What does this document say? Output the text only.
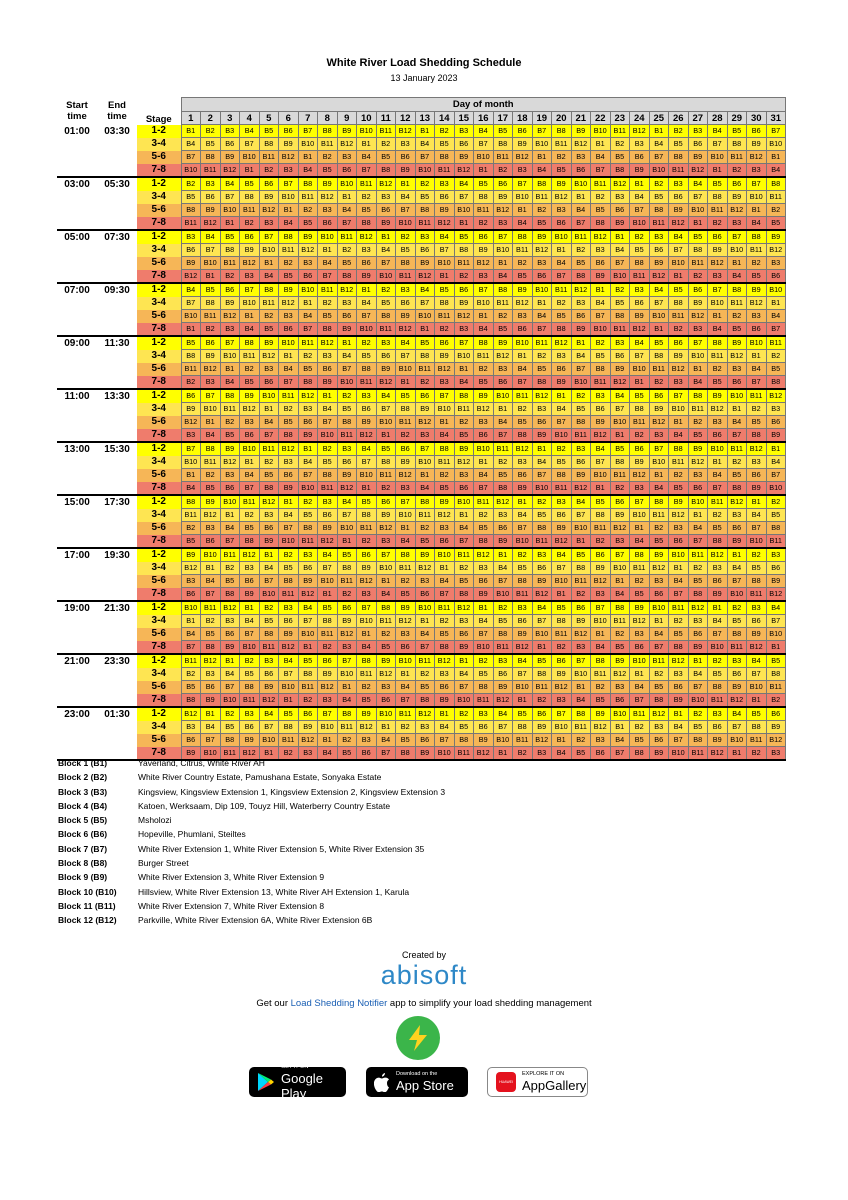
White River Load Shedding Schedule
13 January 2023
Start
time	End
time	Stage	Day of month																														
			1	2	3	4	5	6	7	8	9	10	11	12	13	14	15	16	17	18	19	20	21	22	23	24	25	26	27	28	29	30	31
01:00	03:30	1-2	B1	B2	B3	B4	B5	B6	B7	B8	B9	B10	B11	B12	B1	B2	B3	B4	B5	B6	B7	B8	B9	B10	B11	B12	B1	B2	B3	B4	B5	B6	B7
		3-4	B4	B5	B6	B7	B8	B9	B10	B11	B12	B1	B2	B3	B4	B5	B6	B7	B8	B9	B10	B11	B12	B1	B2	B3	B4	B5	B6	B7	B8	B9	B10
		5-6	B7	B8	B9	B10	B11	B12	B1	B2	B3	B4	B5	B6	B7	B8	B9	B10	B11	B12	B1	B2	B3	B4	B5	B6	B7	B8	B9	B10	B11	B12	B1
		7-8	B10	B11	B12	B1	B2	B3	B4	B5	B6	B7	B8	B9	B10	B11	B12	B1	B2	B3	B4	B5	B6	B7	B8	B9	B10	B11	B12	B1	B2	B3	B4
03:00	05:30	1-2	B2	B3	B4	B5	B6	B7	B8	B9	B10	B11	B12	B1	B2	B3	B4	B5	B6	B7	B8	B9	B10	B11	B12	B1	B2	B3	B4	B5	B6	B7	B8
		3-4	B5	B6	B7	B8	B9	B10	B11	B12	B1	B2	B3	B4	B5	B6	B7	B8	B9	B10	B11	B12	B1	B2	B3	B4	B5	B6	B7	B8	B9	B10	B11
		5-6	B8	B9	B10	B11	B12	B1	B2	B3	B4	B5	B6	B7	B8	B9	B10	B11	B12	B1	B2	B3	B4	B5	B6	B7	B8	B9	B10	B11	B12	B1	B2
		7-8	B11	B12	B1	B2	B3	B4	B5	B6	B7	B8	B9	B10	B11	B12	B1	B2	B3	B4	B5	B6	B7	B8	B9	B10	B11	B12	B1	B2	B3	B4	B5
05:00	07:30	1-2	B3	B4	B5	B6	B7	B8	B9	B10	B11	B12	B1	B2	B3	B4	B5	B6	B7	B8	B9	B10	B11	B12	B1	B2	B3	B4	B5	B6	B7	B8	B9
		3-4	B6	B7	B8	B9	B10	B11	B12	B1	B2	B3	B4	B5	B6	B7	B8	B9	B10	B11	B12	B1	B2	B3	B4	B5	B6	B7	B8	B9	B10	B11	B12
		5-6	B9	B10	B11	B12	B1	B2	B3	B4	B5	B6	B7	B8	B9	B10	B11	B12	B1	B2	B3	B4	B5	B6	B7	B8	B9	B10	B11	B12	B1	B2	B3
		7-8	B12	B1	B2	B3	B4	B5	B6	B7	B8	B9	B10	B11	B12	B1	B2	B3	B4	B5	B6	B7	B8	B9	B10	B11	B12	B1	B2	B3	B4	B5	B6
07:00	09:30	1-2	B4	B5	B6	B7	B8	B9	B10	B11	B12	B1	B2	B3	B4	B5	B6	B7	B8	B9	B10	B11	B12	B1	B2	B3	B4	B5	B6	B7	B8	B9	B10
		3-4	B7	B8	B9	B10	B11	B12	B1	B2	B3	B4	B5	B6	B7	B8	B9	B10	B11	B12	B1	B2	B3	B4	B5	B6	B7	B8	B9	B10	B11	B12	B1
		5-6	B10	B11	B12	B1	B2	B3	B4	B5	B6	B7	B8	B9	B10	B11	B12	B1	B2	B3	B4	B5	B6	B7	B8	B9	B10	B11	B12	B1	B2	B3	B4
		7-8	B1	B2	B3	B4	B5	B6	B7	B8	B9	B10	B11	B12	B1	B2	B3	B4	B5	B6	B7	B8	B9	B10	B11	B12	B1	B2	B3	B4	B5	B6	B7
09:00	11:30	1-2	B5	B6	B7	B8	B9	B10	B11	B12	B1	B2	B3	B4	B5	B6	B7	B8	B9	B10	B11	B12	B1	B2	B3	B4	B5	B6	B7	B8	B9	B10	B11
		3-4	B8	B9	B10	B11	B12	B1	B2	B3	B4	B5	B6	B7	B8	B9	B10	B11	B12	B1	B2	B3	B4	B5	B6	B7	B8	B9	B10	B11	B12	B1	B2
		5-6	B11	B12	B1	B2	B3	B4	B5	B6	B7	B8	B9	B10	B11	B12	B1	B2	B3	B4	B5	B6	B7	B8	B9	B10	B11	B12	B1	B2	B3	B4	B5
		7-8	B2	B3	B4	B5	B6	B7	B8	B9	B10	B11	B12	B1	B2	B3	B4	B5	B6	B7	B8	B9	B10	B11	B12	B1	B2	B3	B4	B5	B6	B7	B8
11:00	13:30	1-2	B6	B7	B8	B9	B10	B11	B12	B1	B2	B3	B4	B5	B6	B7	B8	B9	B10	B11	B12	B1	B2	B3	B4	B5	B6	B7	B8	B9	B10	B11	B12
		3-4	B9	B10	B11	B12	B1	B2	B3	B4	B5	B6	B7	B8	B9	B10	B11	B12	B1	B2	B3	B4	B5	B6	B7	B8	B9	B10	B11	B12	B1	B2	B3
		5-6	B12	B1	B2	B3	B4	B5	B6	B7	B8	B9	B10	B11	B12	B1	B2	B3	B4	B5	B6	B7	B8	B9	B10	B11	B12	B1	B2	B3	B4	B5	B6
		7-8	B3	B4	B5	B6	B7	B8	B9	B10	B11	B12	B1	B2	B3	B4	B5	B6	B7	B8	B9	B10	B11	B12	B1	B2	B3	B4	B5	B6	B7	B8	B9
13:00	15:30	1-2	B7	B8	B9	B10	B11	B12	B1	B2	B3	B4	B5	B6	B7	B8	B9	B10	B11	B12	B1	B2	B3	B4	B5	B6	B7	B8	B9	B10	B11	B12	B1
		3-4	B10	B11	B12	B1	B2	B3	B4	B5	B6	B7	B8	B9	B10	B11	B12	B1	B2	B3	B4	B5	B6	B7	B8	B9	B10	B11	B12	B1	B2	B3	B4
		5-6	B1	B2	B3	B4	B5	B6	B7	B8	B9	B10	B11	B12	B1	B2	B3	B4	B5	B6	B7	B8	B9	B10	B11	B12	B1	B2	B3	B4	B5	B6	B7
		7-8	B4	B5	B6	B7	B8	B9	B10	B11	B12	B1	B2	B3	B4	B5	B6	B7	B8	B9	B10	B11	B12	B1	B2	B3	B4	B5	B6	B7	B8	B9	B10
15:00	17:30	1-2	B8	B9	B10	B11	B12	B1	B2	B3	B4	B5	B6	B7	B8	B9	B10	B11	B12	B1	B2	B3	B4	B5	B6	B7	B8	B9	B10	B11	B12	B1	B2
		3-4	B11	B12	B1	B2	B3	B4	B5	B6	B7	B8	B9	B10	B11	B12	B1	B2	B3	B4	B5	B6	B7	B8	B9	B10	B11	B12	B1	B2	B3	B4	B5
		5-6	B2	B3	B4	B5	B6	B7	B8	B9	B10	B11	B12	B1	B2	B3	B4	B5	B6	B7	B8	B9	B10	B11	B12	B1	B2	B3	B4	B5	B6	B7	B8
		7-8	B5	B6	B7	B8	B9	B10	B11	B12	B1	B2	B3	B4	B5	B6	B7	B8	B9	B10	B11	B12	B1	B2	B3	B4	B5	B6	B7	B8	B9	B10	B11
17:00	19:30	1-2	B9	B10	B11	B12	B1	B2	B3	B4	B5	B6	B7	B8	B9	B10	B11	B12	B1	B2	B3	B4	B5	B6	B7	B8	B9	B10	B11	B12	B1	B2	B3
		3-4	B12	B1	B2	B3	B4	B5	B6	B7	B8	B9	B10	B11	B12	B1	B2	B3	B4	B5	B6	B7	B8	B9	B10	B11	B12	B1	B2	B3	B4	B5	B6
		5-6	B3	B4	B5	B6	B7	B8	B9	B10	B11	B12	B1	B2	B3	B4	B5	B6	B7	B8	B9	B10	B11	B12	B1	B2	B3	B4	B5	B6	B7	B8	B9
		7-8	B6	B7	B8	B9	B10	B11	B12	B1	B2	B3	B4	B5	B6	B7	B8	B9	B10	B11	B12	B1	B2	B3	B4	B5	B6	B7	B8	B9	B10	B11	B12
19:00	21:30	1-2	B10	B11	B12	B1	B2	B3	B4	B5	B6	B7	B8	B9	B10	B11	B12	B1	B2	B3	B4	B5	B6	B7	B8	B9	B10	B11	B12	B1	B2	B3	B4
		3-4	B1	B2	B3	B4	B5	B6	B7	B8	B9	B10	B11	B12	B1	B2	B3	B4	B5	B6	B7	B8	B9	B10	B11	B12	B1	B2	B3	B4	B5	B6	B7
		5-6	B4	B5	B6	B7	B8	B9	B10	B11	B12	B1	B2	B3	B4	B5	B6	B7	B8	B9	B10	B11	B12	B1	B2	B3	B4	B5	B6	B7	B8	B9	B10
		7-8	B7	B8	B9	B10	B11	B12	B1	B2	B3	B4	B5	B6	B7	B8	B9	B10	B11	B12	B1	B2	B3	B4	B5	B6	B7	B8	B9	B10	B11	B12	B1
21:00	23:30	1-2	B11	B12	B1	B2	B3	B4	B5	B6	B7	B8	B9	B10	B11	B12	B1	B2	B3	B4	B5	B6	B7	B8	B9	B10	B11	B12	B1	B2	B3	B4	B5
		3-4	B2	B3	B4	B5	B6	B7	B8	B9	B10	B11	B12	B1	B2	B3	B4	B5	B6	B7	B8	B9	B10	B11	B12	B1	B2	B3	B4	B5	B6	B7	B8
		5-6	B5	B6	B7	B8	B9	B10	B11	B12	B1	B2	B3	B4	B5	B6	B7	B8	B9	B10	B11	B12	B1	B2	B3	B4	B5	B6	B7	B8	B9	B10	B11
		7-8	B8	B9	B10	B11	B12	B1	B2	B3	B4	B5	B6	B7	B8	B9	B10	B11	B12	B1	B2	B3	B4	B5	B6	B7	B8	B9	B10	B11	B12	B1	B2
23:00	01:30	1-2	B12	B1	B2	B3	B4	B5	B6	B7	B8	B9	B10	B11	B12	B1	B2	B3	B4	B5	B6	B7	B8	B9	B10	B11	B12	B1	B2	B3	B4	B5	B6
		3-4	B3	B4	B5	B6	B7	B8	B9	B10	B11	B12	B1	B2	B3	B4	B5	B6	B7	B8	B9	B10	B11	B12	B1	B2	B3	B4	B5	B6	B7	B8	B9
		5-6	B6	B7	B8	B9	B10	B11	B12	B1	B2	B3	B4	B5	B6	B7	B8	B9	B10	B11	B12	B1	B2	B3	B4	B5	B6	B7	B8	B9	B10	B11	B12
		7-8	B9	B10	B11	B12	B1	B2	B3	B4	B5	B6	B7	B8	B9	B10	B11	B12	B1	B2	B3	B4	B5	B6	B7	B8	B9	B10	B11	B12	B1	B2	B3
Block 1 (B1)	Yaverland, Citrus, White River AH
Block 2 (B2)	White River Country Estate, Pamushana Estate, Sonyaka Estate
Block 3 (B3)	Kingsview, Kingsview Extension 1, Kingsview Extension 2, Kingsview Extension 3
Block 4 (B4)	Katoen, Werksaam, Dip 109, Touyz Hill, Waterberry Country Estate
Block 5 (B5)	Msholozi
Block 6 (B6)	Hopeville, Phumlani, Steiltes
Block 7 (B7)	White River Extension 1, White River Extension 5, White River Extension 35
Block 8 (B8)	Burger Street
Block 9 (B9)	White River Extension 3, White River Extension 9
Block 10 (B10)	Hillsview, White River Extension 13, White River AH Extension 1, Karula
Block 11 (B11)	White River Extension 7, White River Extension 8
Block 12 (B12)	Parkville, White River Extension 6A, White River Extension 6B
Created by
abisoft
Get our Load Shedding Notifier app to simplify your load shedding management
GET IT ON
Google Play
Download on the
App Store	HUAWEI
EXPLORE IT ON
AppGallery
